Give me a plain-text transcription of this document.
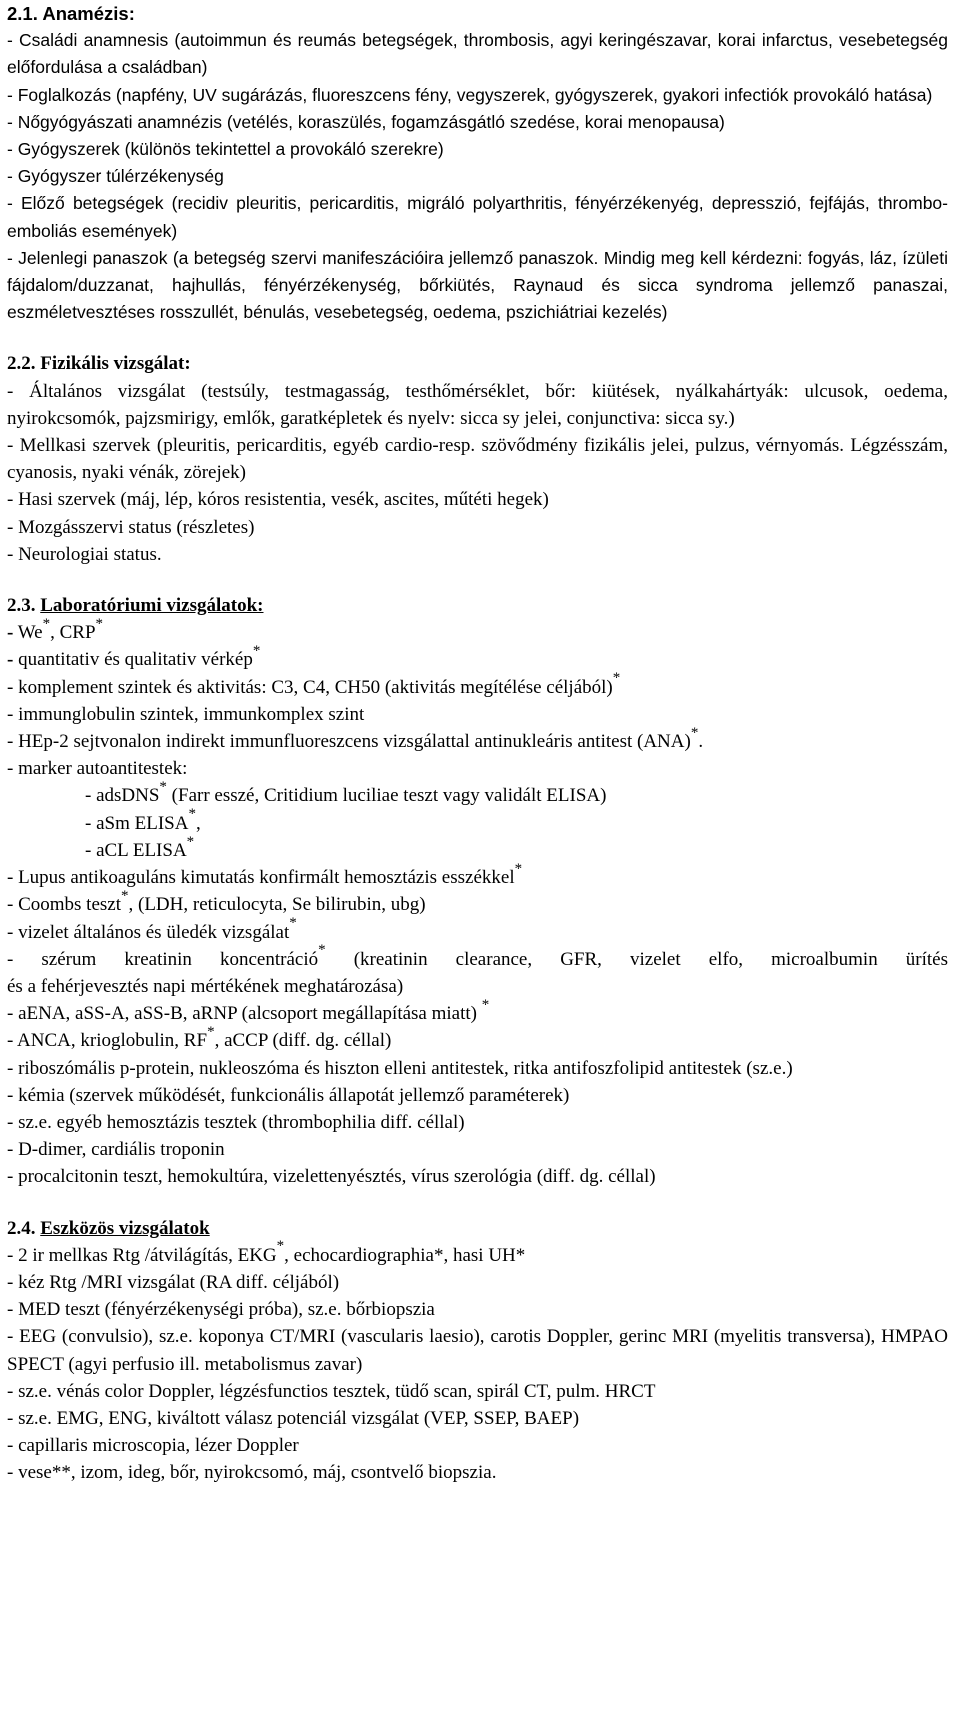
2.1. Anamézis:

- Családi anamnesis (autoimmun és reumás betegségek, thrombosis, agyi keringészavar, korai infarctus, vesebetegség előfordulása a családban)

- Foglalkozás (napfény, UV sugárázás, fluoreszcens fény, vegyszerek, gyógyszerek, gyakori infectiók provokáló hatása)

- Nőgyógyászati anamnézis (vetélés, koraszülés, fogamzásgátló szedése, korai menopausa)

- Gyógyszerek (különös tekintettel a provokáló szerekre)

- Gyógyszer túlérzékenység

- Előző betegségek (recidiv pleuritis, pericarditis, migráló polyarthritis, fényérzékenyég, depresszió, fejfájás, thrombo-emboliás események)

- Jelenlegi panaszok (a betegség szervi manifeszációira jellemző panaszok. Mindig meg kell kérdezni: fogyás, láz, ízületi fájdalom/duzzanat, hajhullás, fényérzékenység, bőrkiütés, Raynaud és sicca syndroma jellemző panaszai, eszméletvesztéses rosszullét, bénulás, vesebetegség, oedema, pszichiátriai kezelés)

2.2. Fizikális vizsgálat:

- Általános vizsgálat (testsúly, testmagasság, testhőmérséklet, bőr: kiütések, nyálkahártyák: ulcusok, oedema, nyirokcsomók, pajzsmirigy, emlők, garatképletek és nyelv: sicca sy jelei, conjunctiva: sicca sy.)

- Mellkasi szervek (pleuritis, pericarditis, egyéb cardio-resp. szövődmény fizikális jelei, pulzus, vérnyomás. Légzésszám, cyanosis, nyaki vénák, zörejek)

- Hasi szervek (máj, lép, kóros resistentia, vesék, ascites, műtéti hegek)

- Mozgásszervi status (részletes)

- Neurologiai status.

2.3. Laboratóriumi vizsgálatok:

- We*, CRP*

- quantitativ és qualitativ vérkép*

- komplement szintek és aktivitás: C3, C4, CH50 (aktivitás megítélése céljából)*

- immunglobulin szintek, immunkomplex szint

- HEp-2 sejtvonalon indirekt immunfluoreszcens vizsgálattal antinukleáris antitest (ANA)*.

- marker autoantitestek:

- adsDNS* (Farr esszé, Critidium luciliae teszt vagy validált ELISA)

- aSm ELISA*,

- aCL ELISA*

- Lupus antikoaguláns kimutatás konfirmált hemosztázis esszékkel*

- Coombs teszt*, (LDH, reticulocyta, Se bilirubin, ubg)

- vizelet általános és üledék vizsgálat*

- szérum kreatinin koncentráció* (kreatinin clearance, GFR, vizelet elfo, microalbumin ürítés

és a fehérjevesztés napi mértékének meghatározása)

- aENA, aSS-A, aSS-B, aRNP (alcsoport megállapítása miatt) *

- ANCA, krioglobulin, RF*, aCCP (diff. dg. céllal)

- riboszómális p-protein, nukleoszóma és hiszton elleni antitestek, ritka antifoszfolipid antitestek (sz.e.)

- kémia (szervek működését, funkcionális állapotát jellemző paraméterek)

- sz.e. egyéb hemosztázis tesztek (thrombophilia diff. céllal)

- D-dimer, cardiális troponin

- procalcitonin teszt, hemokultúra, vizelettenyésztés, vírus szerológia (diff. dg. céllal)

2.4. Eszközös vizsgálatok

- 2 ir mellkas Rtg /átvilágítás, EKG*, echocardiographia*, hasi UH*

- kéz Rtg /MRI vizsgálat (RA diff. céljából)

- MED teszt (fényérzékenységi próba), sz.e. bőrbiopszia

- EEG (convulsio), sz.e. koponya CT/MRI (vascularis laesio), carotis Doppler, gerinc MRI (myelitis transversa), HMPAO SPECT (agyi perfusio ill. metabolismus zavar)

- sz.e. vénás color Doppler, légzésfunctios tesztek, tüdő scan, spirál CT, pulm. HRCT

- sz.e. EMG, ENG, kiváltott válasz potenciál vizsgálat (VEP, SSEP, BAEP)

- capillaris microscopia, lézer Doppler

- vese**, izom, ideg, bőr, nyirokcsomó, máj, csontvelő biopszia.
